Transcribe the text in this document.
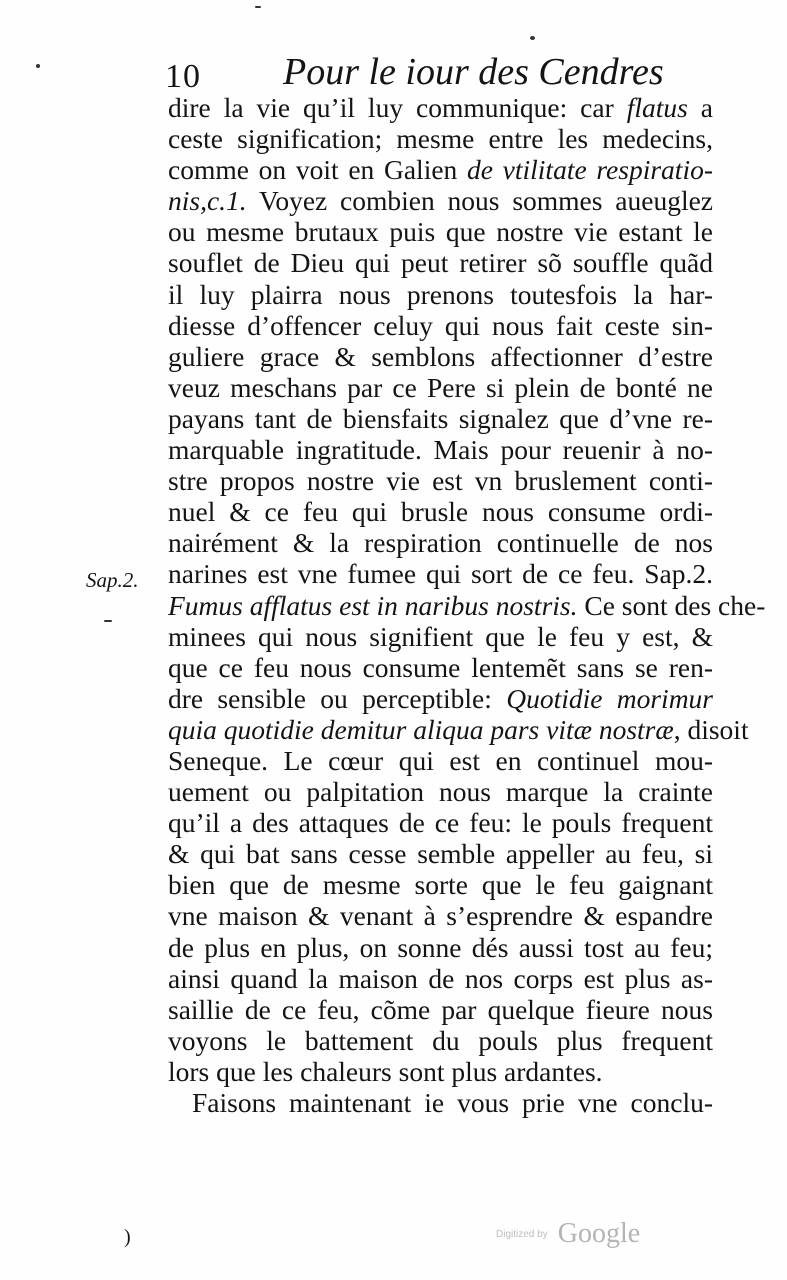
10 Pour le iour des Cendres
Sap.2.
dire la vie qu’il luy communique: car flatus a
ceste signification; mesme entre les medecins,
comme on voit en Galien de vtilitate respiratio-
nis,c.1. Voyez combien nous sommes aueuglez
ou mesme brutaux puis que nostre vie estant le
souflet de Dieu qui peut retirer sõ souffle quãd
il luy plairra nous prenons toutesfois la har-
diesse d’offencer celuy qui nous fait ceste sin-
guliere grace & semblons affectionner d’estre
veuz meschans par ce Pere si plein de bonté ne
payans tant de biensfaits signalez que d’vne re-
marquable ingratitude. Mais pour reuenir à no-
stre propos nostre vie est vn bruslement conti-
nuel & ce feu qui brusle nous consume ordi-
nairément & la respiration continuelle de nos
narines est vne fumee qui sort de ce feu. Sap.2.
Fumus afflatus est in naribus nostris. Ce sont des che-
minees qui nous signifient que le feu y est, &
que ce feu nous consume lentemẽt sans se ren-
dre sensible ou perceptible: Quotidie morimur
quia quotidie demitur aliqua pars vitæ nostræ, disoit
Seneque. Le cœur qui est en continuel mou-
uement ou palpitation nous marque la crainte
qu’il a des attaques de ce feu: le pouls frequent
& qui bat sans cesse semble appeller au feu, si
bien que de mesme sorte que le feu gaignant
vne maison & venant à s’esprendre & espandre
de plus en plus, on sonne dés aussi tost au feu;
ainsi quand la maison de nos corps est plus as-
saillie de ce feu, cõme par quelque fieure nous
voyons le battement du pouls plus frequent
lors que les chaleurs sont plus ardantes.
Faisons maintenant ie vous prie vne conclu-
)	Digitized by Google
